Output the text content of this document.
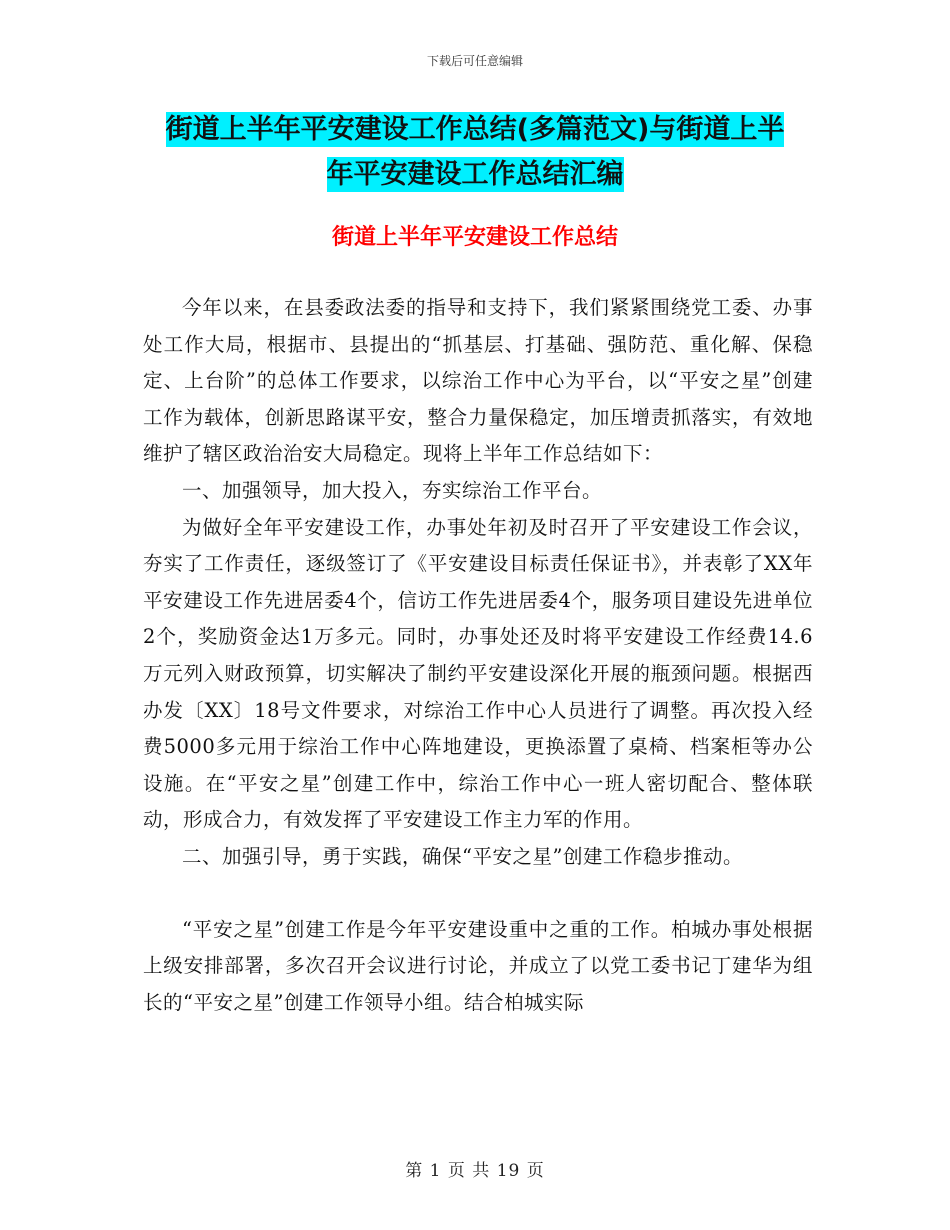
下载后可任意编辑
街道上半年平安建设工作总结(多篇范文)与街道上半
年平安建设工作总结汇编
街道上半年平安建设工作总结

今年以来，在县委政法委的指导和支持下，我们紧紧围绕党工委、办事处工作大局，根据市、县提出的“抓基层、打基础、强防范、重化解、保稳定、上台阶”的总体工作要求，以综治工作中心为平台，以“平安之星”创建工作为载体，创新思路谋平安，整合力量保稳定，加压增责抓落实，有效地维护了辖区政治治安大局稳定。现将上半年工作总结如下：

一、加强领导，加大投入，夯实综治工作平台。

为做好全年平安建设工作，办事处年初及时召开了平安建设工作会议，夯实了工作责任，逐级签订了《平安建设目标责任保证书》，并表彰了XX年平安建设工作先进居委4个，信访工作先进居委4个，服务项目建设先进单位2个，奖励资金达1万多元。同时，办事处还及时将平安建设工作经费14.6万元列入财政预算，切实解决了制约平安建设深化开展的瓶颈问题。根据西办发〔XX〕18号文件要求，对综治工作中心人员进行了调整。再次投入经费5000多元用于综治工作中心阵地建设，更换添置了桌椅、档案柜等办公设施。在“平安之星”创建工作中，综治工作中心一班人密切配合、整体联动，形成合力，有效发挥了平安建设工作主力军的作用。

二、加强引导，勇于实践，确保“平安之星”创建工作稳步推动。

“平安之星”创建工作是今年平安建设重中之重的工作。柏城办事处根据上级安排部署，多次召开会议进行讨论，并成立了以党工委书记丁建华为组长的“平安之星”创建工作领导小组。结合柏城实际

第 1 页 共 19 页
